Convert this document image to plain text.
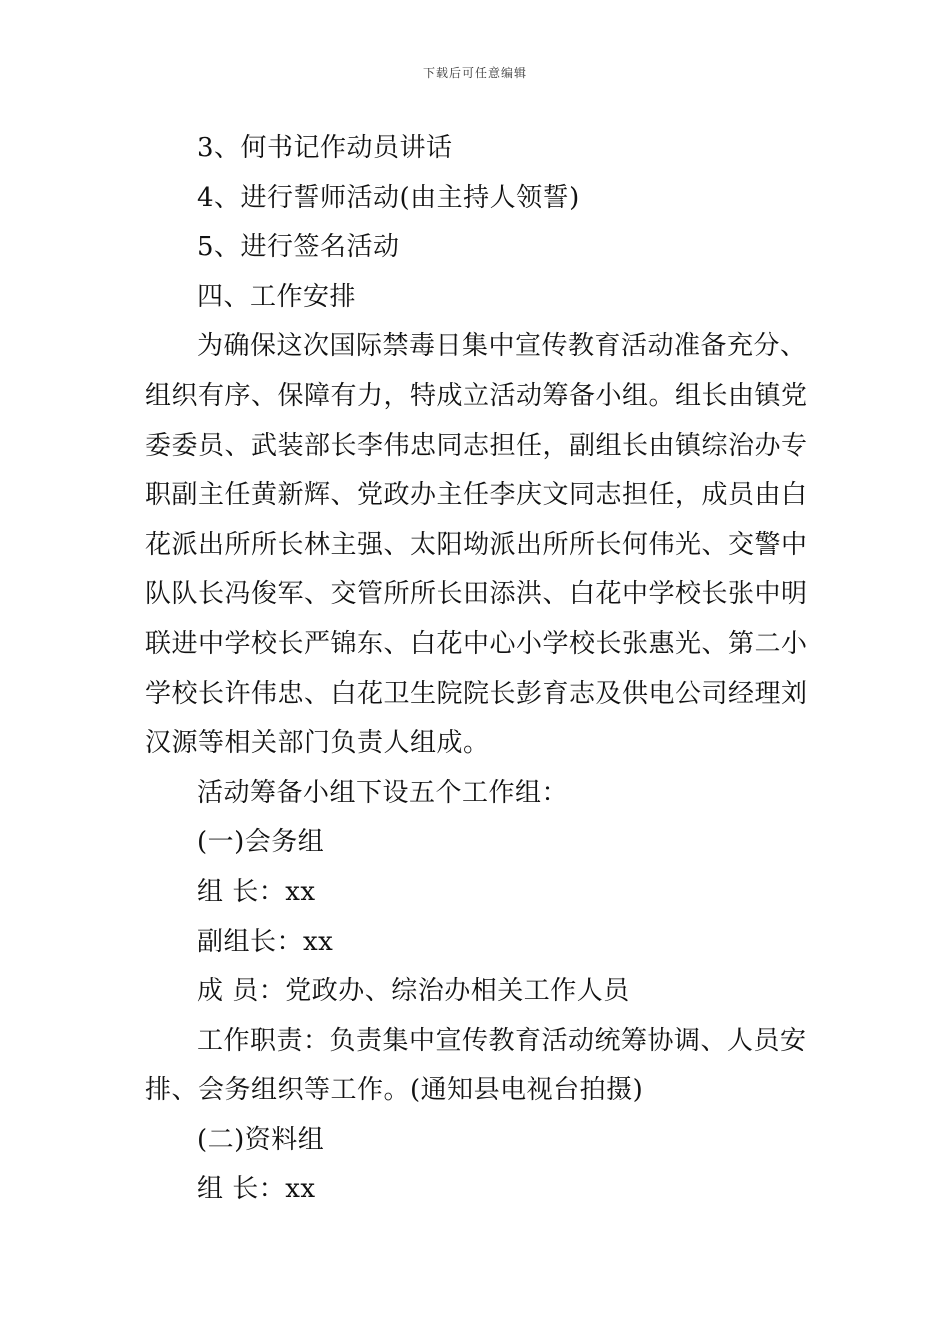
下载后可任意编辑
3、何书记作动员讲话
4、进行誓师活动(由主持人领誓)
5、进行签名活动
四、工作安排
为确保这次国际禁毒日集中宣传教育活动准备充分、
组织有序、保障有力，特成立活动筹备小组。组长由镇党
委委员、武装部长李伟忠同志担任，副组长由镇综治办专
职副主任黄新辉、党政办主任李庆文同志担任，成员由白
花派出所所长林主强、太阳坳派出所所长何伟光、交警中
队队长冯俊军、交管所所长田添洪、白花中学校长张中明
联进中学校长严锦东、白花中心小学校长张惠光、第二小
学校长许伟忠、白花卫生院院长彭育志及供电公司经理刘
汉源等相关部门负责人组成。
活动筹备小组下设五个工作组：
(一)会务组
组 长：xx
副组长：xx
成 员：党政办、综治办相关工作人员
工作职责：负责集中宣传教育活动统筹协调、人员安
排、会务组织等工作。(通知县电视台拍摄)
(二)资料组
组 长：xx
